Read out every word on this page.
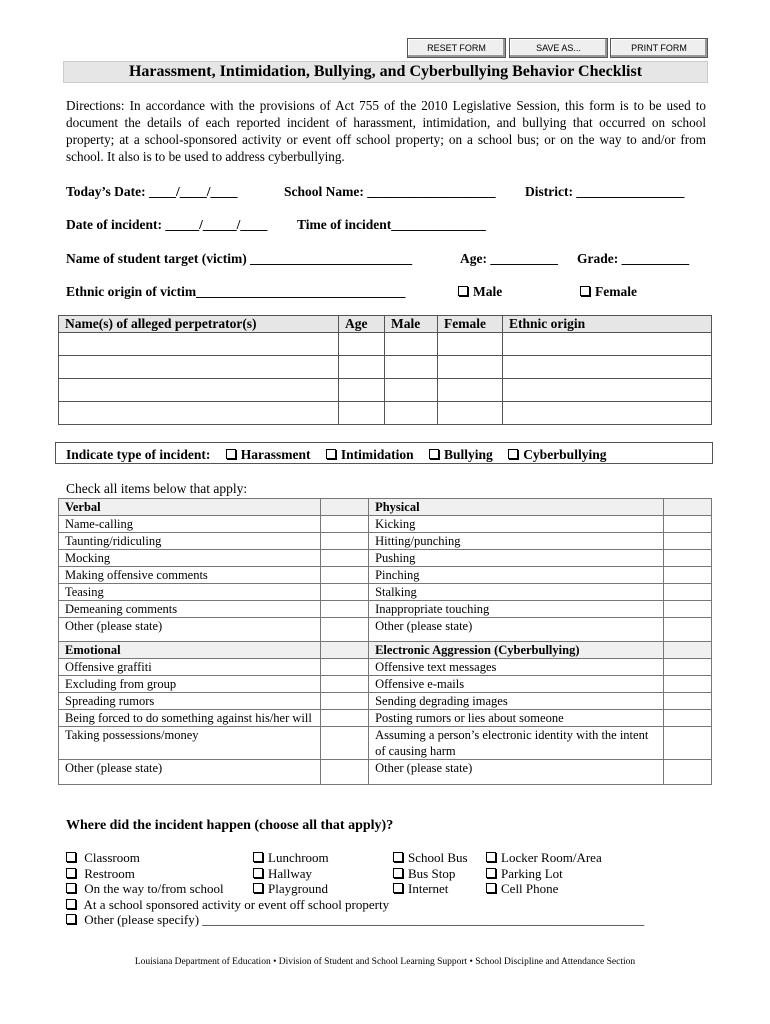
RESET FORM	SAVE AS...	PRINT FORM
Harassment, Intimidation, Bullying, and Cyberbullying Behavior Checklist
Directions: In accordance with the provisions of Act 755 of the 2010 Legislative Session, this form is to be used to document the details of each reported incident of harassment, intimidation, and bullying that occurred on school property; at a school-sponsored activity or event off school property; on a school bus; or on the way to and/or from school. It also is to be used to address cyberbullying.
Today’s Date: ____/____/____	School Name: ___________________ District: ________________
Date of incident: _____/_____/____ Time of incident______________
Name of student target (victim) ________________________	Age: __________ Grade: __________
Ethnic origin of victim_______________________________	Male	Female
Name(s) of alleged perpetrator(s)	Age	Male	Female	Ethnic origin

Indicate type of incident: Harassment Intimidation Bullying Cyberbullying
Check all items below that apply:
Verbal		Physical	
Name-calling		Kicking	
Taunting/ridiculing		Hitting/punching	
Mocking		Pushing	
Making offensive comments		Pinching	
Teasing		Stalking	
Demeaning comments		Inappropriate touching	
Other (please state)		Other (please state)	
Emotional		Electronic Aggression (Cyberbullying)	
Offensive graffiti		Offensive text messages	
Excluding from group		Offensive e-mails	
Spreading rumors		Sending degrading images	
Being forced to do something against his/her will		Posting rumors or lies about someone	
Taking possessions/money		Assuming a person’s electronic identity with the intent of causing harm	
Other (please state)		Other (please state)	
Where did the incident happen (choose all that apply)?
Classroom	Lunchroom	School Bus	Locker Room/Area
Restroom	Hallway	Bus Stop	Parking Lot
On the way to/from school	Playground	Internet	Cell Phone
At a school sponsored activity or event off school property
Other (please specify) ____________________________________________________________________
Louisiana Department of Education • Division of Student and School Learning Support • School Discipline and Attendance Section
